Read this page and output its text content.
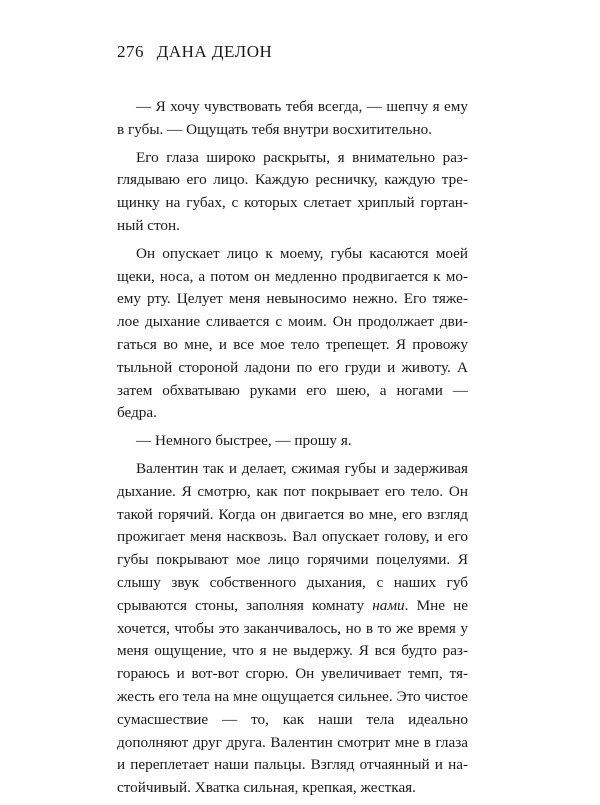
276 ДАНА ДЕЛОН

— Я хочу чувствовать тебя всегда, — шепчу я ему в губы. — Ощущать тебя внутри восхитительно.

Его глаза широко раскрыты, я внимательно разглядываю его лицо. Каждую ресничку, каждую трещинку на губах, с которых слетает хриплый гортанный стон.

Он опускает лицо к моему, губы касаются моей щеки, носа, а потом он медленно продвигается к моему рту. Целует меня невыносимо нежно. Его тяжелое дыхание сливается с моим. Он продолжает двигаться во мне, и все мое тело трепещет. Я провожу тыльной стороной ладони по его груди и животу. А затем обхватываю руками его шею, а ногами — бедра.

— Немного быстрее, — прошу я.

Валентин так и делает, сжимая губы и задерживая дыхание. Я смотрю, как пот покрывает его тело. Он такой горячий. Когда он двигается во мне, его взгляд прожигает меня насквозь. Вал опускает голову, и его губы покрывают мое лицо горячими поцелуями. Я слышу звук собственного дыхания, с наших губ срываются стоны, заполняя комнату нами. Мне не хочется, чтобы это заканчивалось, но в то же время у меня ощущение, что я не выдержу. Я вся будто разгораюсь и вот-вот сгорю. Он увеличивает темп, тяжесть его тела на мне ощущается сильнее. Это чистое сумасшествие — то, как наши тела идеально дополняют друг друга. Валентин смотрит мне в глаза и переплетает наши пальцы. Взгляд отчаянный и настойчивый. Хватка сильная, крепкая, жесткая.
